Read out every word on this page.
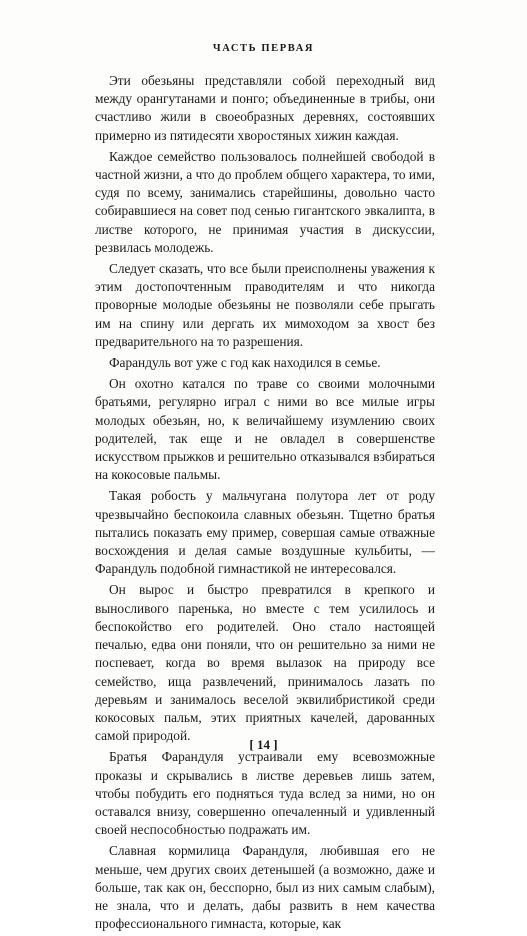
ЧАСТЬ ПЕРВАЯ

Эти обезьяны представляли собой переходный вид между орангутанами и понго; объединенные в трибы, они счастливо жили в своеобразных деревнях, состоявших примерно из пятидесяти хворостяных хижин каждая.

Каждое семейство пользовалось полнейшей свободой в частной жизни, а что до проблем общего характера, то ими, судя по всему, занимались старейшины, довольно часто собиравшиеся на совет под сенью гигантского эвкалипта, в листве которого, не принимая участия в дискуссии, резвилась молодежь.

Следует сказать, что все были преисполнены уважения к этим достопочтенным праводителям и что никогда проворные молодые обезьяны не позволяли себе прыгать им на спину или дергать их мимоходом за хвост без предварительного на то разрешения.

Фарандуль вот уже с год как находился в семье.

Он охотно катался по траве со своими молочными братьями, регулярно играл с ними во все милые игры молодых обезьян, но, к величайшему изумлению своих родителей, так еще и не овладел в совершенстве искусством прыжков и решительно отказывался взбираться на кокосовые пальмы.

Такая робость у мальчугана полутора лет от роду чрезвычайно беспокоила славных обезьян. Тщетно братья пытались показать ему пример, совершая самые отважные восхождения и делая самые воздушные кульбиты, — Фарандуль подобной гимнастикой не интересовался.

Он вырос и быстро превратился в крепкого и выносливого паренька, но вместе с тем усилилось и беспокойство его родителей. Оно стало настоящей печалью, едва они поняли, что он решительно за ними не поспевает, когда во время вылазок на природу все семейство, ища развлечений, принималось лазать по деревьям и занималось веселой эквилибристикой среди кокосовых пальм, этих приятных качелей, дарованных самой природой.

Братья Фарандуля устраивали ему всевозможные проказы и скрывались в листве деревьев лишь затем, чтобы побудить его подняться туда вслед за ними, но он оставался внизу, совершенно опечаленный и удивленный своей неспособностью подражать им.

Славная кормилица Фарандуля, любившая его не меньше, чем других своих детенышей (а возможно, даже и больше, так как он, бесспорно, был из них самым слабым), не знала, что и делать, дабы развить в нем качества профессионального гимнаста, которые, как

[ 14 ]
